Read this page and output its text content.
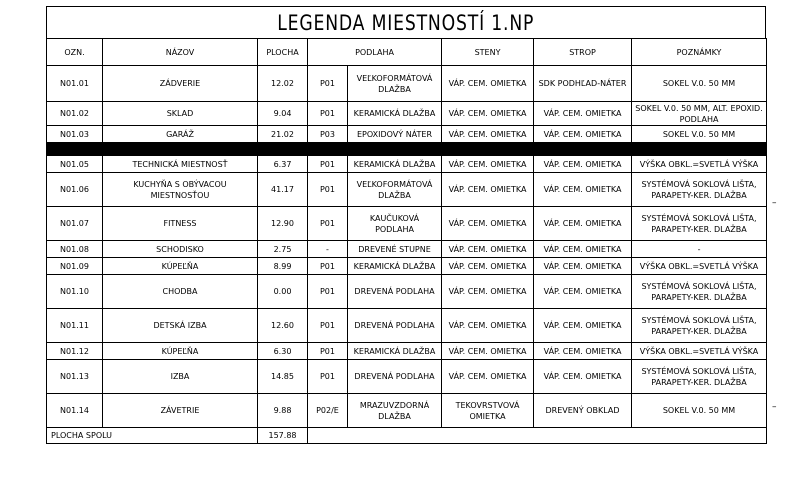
LEGENDA MIESTNOSTÍ 1.NP
OZN.	NÁZOV	PLOCHA	PODLAHA		STENY	STROP	POZNÁMKY
N01.01	ZÁDVERIE	12.02	P01	VEĽKOFORMÁTOVÁ DLAŽBA	VÁP. CEM. OMIETKA	SDK PODHĽAD-NÁTER	SOKEL V.0. 50 MM
N01.02	SKLAD	9.04	P01	KERAMICKÁ DLAŽBA	VÁP. CEM. OMIETKA	VÁP. CEM. OMIETKA	SOKEL V.0. 50 MM, ALT. EPOXID. PODLAHA
N01.03	GARÁŽ	21.02	P03	EPOXIDOVÝ NÁTER	VÁP. CEM. OMIETKA	VÁP. CEM. OMIETKA	SOKEL V.0. 50 MM

N01.05	TECHNICKÁ MIESTNOSŤ	6.37	P01	KERAMICKÁ DLAŽBA	VÁP. CEM. OMIETKA	VÁP. CEM. OMIETKA	VÝŠKA OBKL.=SVETLÁ VÝŠKA
N01.06	KUCHYŇA S OBÝVACOU MIESTNOSŤOU	41.17	P01	VEĽKOFORMÁTOVÁ DLAŽBA	VÁP. CEM. OMIETKA	VÁP. CEM. OMIETKA	SYSTÉMOVÁ SOKLOVÁ LIŠTA, PARAPETY-KER. DLAŽBA
N01.07	FITNESS	12.90	P01	KAUČUKOVÁ PODLAHA	VÁP. CEM. OMIETKA	VÁP. CEM. OMIETKA	SYSTÉMOVÁ SOKLOVÁ LIŠTA, PARAPETY-KER. DLAŽBA
N01.08	SCHODISKO	2.75	-	DREVENÉ STUPNE	VÁP. CEM. OMIETKA	VÁP. CEM. OMIETKA	-
N01.09	KÚPEĽŇA	8.99	P01	KERAMICKÁ DLAŽBA	VÁP. CEM. OMIETKA	VÁP. CEM. OMIETKA	VÝŠKA OBKL.=SVETLÁ VÝŠKA
N01.10	CHODBA	0.00	P01	DREVENÁ PODLAHA	VÁP. CEM. OMIETKA	VÁP. CEM. OMIETKA	SYSTÉMOVÁ SOKLOVÁ LIŠTA, PARAPETY-KER. DLAŽBA
N01.11	DETSKÁ IZBA	12.60	P01	DREVENÁ PODLAHA	VÁP. CEM. OMIETKA	VÁP. CEM. OMIETKA	SYSTÉMOVÁ SOKLOVÁ LIŠTA, PARAPETY-KER. DLAŽBA
N01.12	KÚPEĽŇA	6.30	P01	KERAMICKÁ DLAŽBA	VÁP. CEM. OMIETKA	VÁP. CEM. OMIETKA	VÝŠKA OBKL.=SVETLÁ VÝŠKA
N01.13	IZBA	14.85	P01	DREVENÁ PODLAHA	VÁP. CEM. OMIETKA	VÁP. CEM. OMIETKA	SYSTÉMOVÁ SOKLOVÁ LIŠTA, PARAPETY-KER. DLAŽBA
N01.14	ZÁVETRIE	9.88	P02/E	MRAZUVZDORNÁ DLAŽBA	TEKOVRSTVOVÁ OMIETKA	DREVENÝ OBKLAD	SOKEL V.0. 50 MM
PLOCHA SPOLU		157.88					
–
–
